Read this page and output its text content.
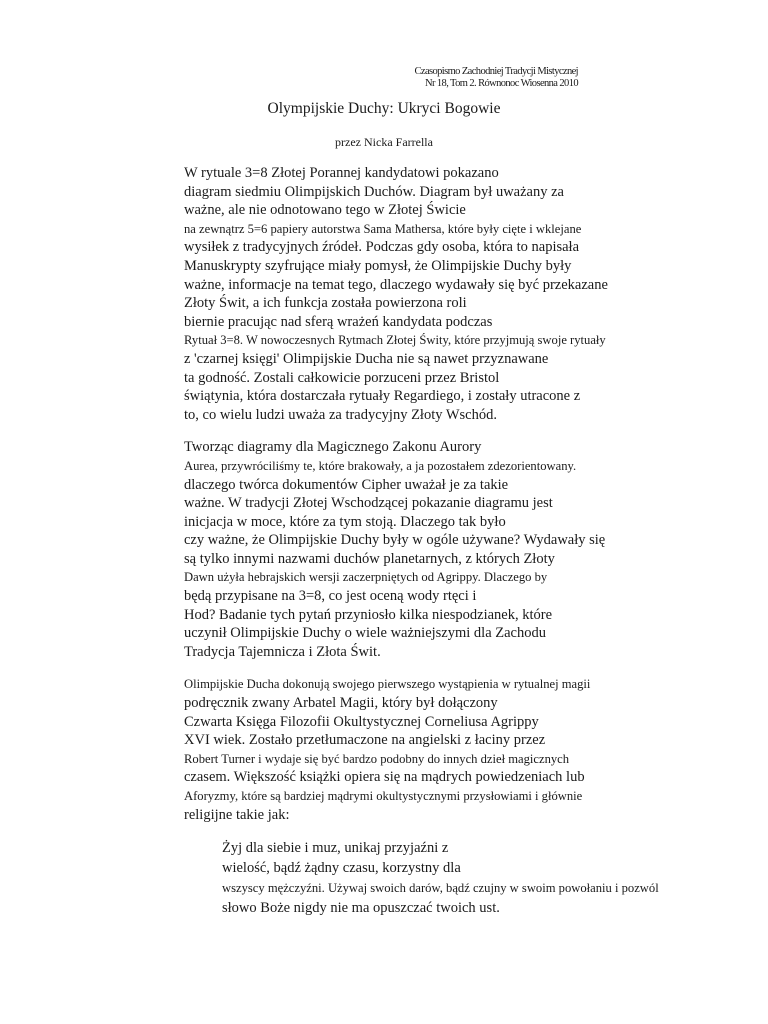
Czasopismo Zachodniej Tradycji Mistycznej
Nr 18, Tom 2. Równonoc Wiosenna 2010
Olympijskie Duchy: Ukryci Bogowie
przez Nicka Farrella

W rytuale 3=8 Złotej Porannej kandydatowi pokazano
diagram siedmiu Olimpijskich Duchów. Diagram był uważany za
ważne, ale nie odnotowano tego w Złotej Świcie
na zewnątrz 5=6 papiery autorstwa Sama Mathersa, które były cięte i wklejane
wysiłek z tradycyjnych źródeł. Podczas gdy osoba, która to napisała
Manuskrypty szyfrujące miały pomysł, że Olimpijskie Duchy były
ważne, informacje na temat tego, dlaczego wydawały się być przekazane
Złoty Świt, a ich funkcja została powierzona roli
biernie pracując nad sferą wrażeń kandydata podczas
Rytuał 3=8. W nowoczesnych Rytmach Złotej Świty, które przyjmują swoje rytuały
z 'czarnej księgi' Olimpijskie Ducha nie są nawet przyznawane
ta godność. Zostali całkowicie porzuceni przez Bristol
świątynia, która dostarczała rytuały Regardiego, i zostały utracone z
to, co wielu ludzi uważa za tradycyjny Złoty Wschód.

Tworząc diagramy dla Magicznego Zakonu Aurory
Aurea, przywróciliśmy te, które brakowały, a ja pozostałem zdezorientowany.
dlaczego twórca dokumentów Cipher uważał je za takie
ważne. W tradycji Złotej Wschodzącej pokazanie diagramu jest
inicjacja w moce, które za tym stoją. Dlaczego tak było
czy ważne, że Olimpijskie Duchy były w ogóle używane? Wydawały się
są tylko innymi nazwami duchów planetarnych, z których Złoty
Dawn użyła hebrajskich wersji zaczerpniętych od Agrippy. Dlaczego by
będą przypisane na 3=8, co jest oceną wody rtęci i
Hod? Badanie tych pytań przyniosło kilka niespodzianek, które
uczynił Olimpijskie Duchy o wiele ważniejszymi dla Zachodu
Tradycja Tajemnicza i Złota Świt.

Olimpijskie Ducha dokonują swojego pierwszego wystąpienia w rytualnej magii
podręcznik zwany Arbatel Magii, który był dołączony
Czwarta Księga Filozofii Okultystycznej Corneliusa Agrippy
XVI wiek. Zostało przetłumaczone na angielski z łaciny przez
Robert Turner i wydaje się być bardzo podobny do innych dzieł magicznych
czasem. Większość książki opiera się na mądrych powiedzeniach lub
Aforyzmy, które są bardziej mądrymi okultystycznymi przysłowiami i głównie
religijne takie jak:

Żyj dla siebie i muz, unikaj przyjaźni z
wielość, bądź żądny czasu, korzystny dla
wszyscy mężczyźni. Używaj swoich darów, bądź czujny w swoim powołaniu i pozwól
słowo Boże nigdy nie ma opuszczać twoich ust.
